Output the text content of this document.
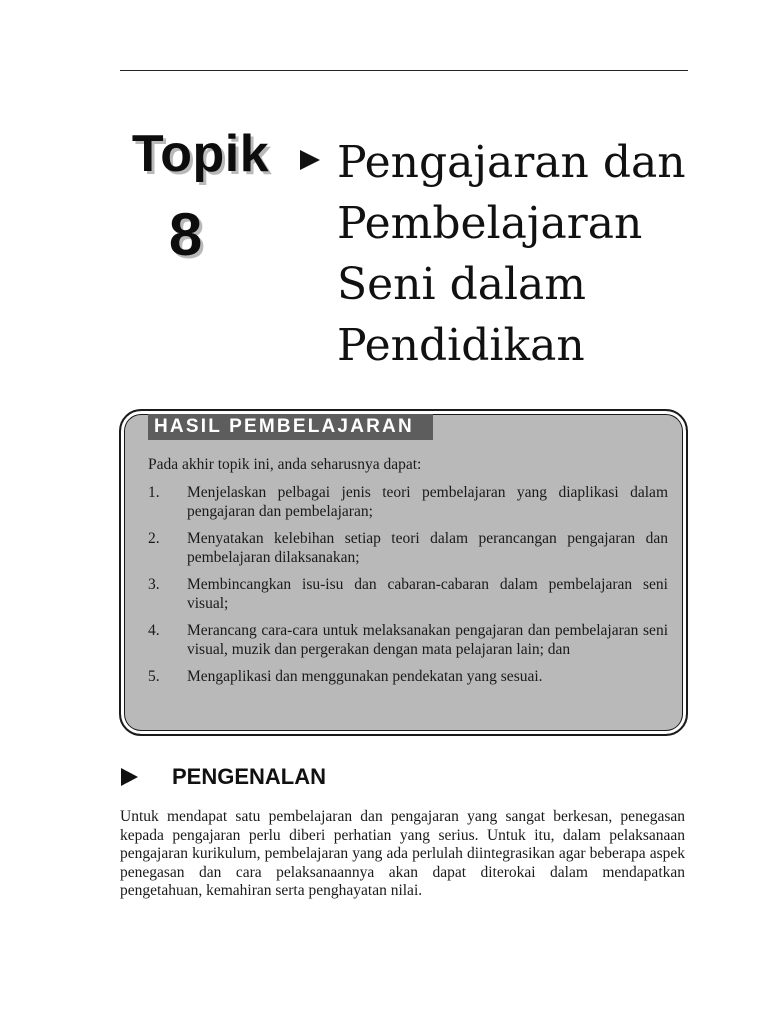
Topik
8
Pengajaran dan Pembelajaran Seni dalam Pendidikan
HASIL PEMBELAJARAN

Pada akhir topik ini, anda seharusnya dapat:

1.	Menjelaskan pelbagai jenis teori pembelajaran yang diaplikasi dalam pengajaran dan pembelajaran;
2.	Menyatakan kelebihan setiap teori dalam perancangan pengajaran dan pembelajaran dilaksanakan;
3.	Membincangkan isu-isu dan cabaran-cabaran dalam pembelajaran seni visual;
4.	Merancang cara-cara untuk melaksanakan pengajaran dan pembelajaran seni visual, muzik dan pergerakan dengan mata pelajaran lain; dan
5.	Mengaplikasi dan menggunakan pendekatan yang sesuai.
PENGENALAN

Untuk mendapat satu pembelajaran dan pengajaran yang sangat berkesan, penegasan kepada pengajaran perlu diberi perhatian yang serius. Untuk itu, dalam pelaksanaan pengajaran kurikulum, pembelajaran yang ada perlulah diintegrasikan agar beberapa aspek penegasan dan cara pelaksanaannya akan dapat diterokai dalam mendapatkan pengetahuan, kemahiran serta penghayatan nilai.
